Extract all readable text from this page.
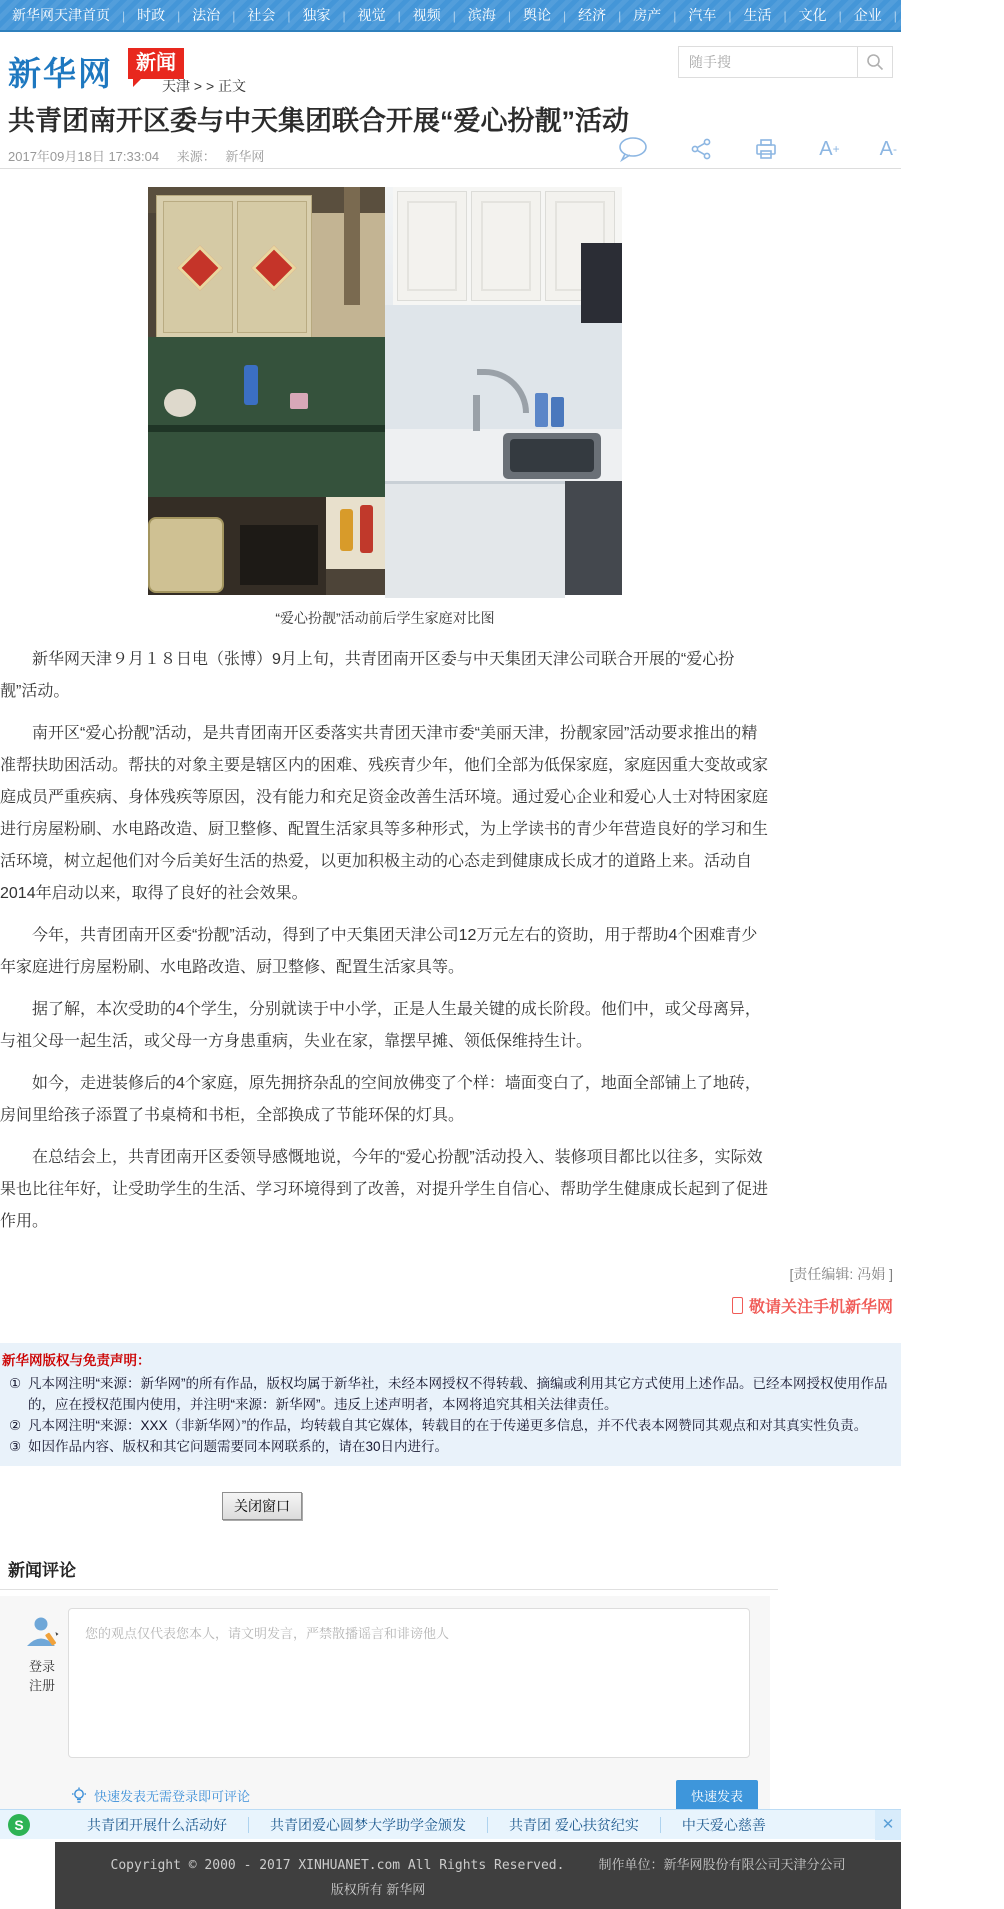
新华网天津首页 | 时政 | 法治 | 社会 | 独家 | 视觉 | 视频 | 滨海 | 舆论 | 经济 | 房产 | 汽车 | 生活 | 文化 | 企业 | 服务 | 健康
新华网	新闻
天津 > > 正文
随手搜
共青团南开区委与中天集团联合开展“爱心扮靓”活动
2017年09月18日 17:33:04 来源： 新华网	A + A -
“爱心扮靓”活动前后学生家庭对比图

新华网天津９月１８日电（张博）9月上旬，共青团南开区委与中天集团天津公司联合开展的“爱心扮靓”活动。

南开区“爱心扮靓”活动，是共青团南开区委落实共青团天津市委“美丽天津，扮靓家园”活动要求推出的精准帮扶助困活动。帮扶的对象主要是辖区内的困难、残疾青少年，他们全部为低保家庭，家庭因重大变故或家庭成员严重疾病、身体残疾等原因，没有能力和充足资金改善生活环境。通过爱心企业和爱心人士对特困家庭进行房屋粉刷、水电路改造、厨卫整修、配置生活家具等多种形式，为上学读书的青少年营造良好的学习和生活环境，树立起他们对今后美好生活的热爱，以更加积极主动的心态走到健康成长成才的道路上来。活动自2014年启动以来，取得了良好的社会效果。

今年，共青团南开区委“扮靓”活动，得到了中天集团天津公司12万元左右的资助，用于帮助4个困难青少年家庭进行房屋粉刷、水电路改造、厨卫整修、配置生活家具等。

据了解，本次受助的4个学生，分别就读于中小学，正是人生最关键的成长阶段。他们中，或父母离异，与祖父母一起生活，或父母一方身患重病，失业在家，靠摆早摊、领低保维持生计。

如今，走进装修后的4个家庭，原先拥挤杂乱的空间放佛变了个样：墙面变白了，地面全部铺上了地砖，房间里给孩子添置了书桌椅和书柜，全部换成了节能环保的灯具。

在总结会上，共青团南开区委领导感慨地说，今年的“爱心扮靓”活动投入、装修项目都比以往多，实际效果也比往年好，让受助学生的生活、学习环境得到了改善，对提升学生自信心、帮助学生健康成长起到了促进作用。

[责任编辑: 冯娟 ]
敬请关注手机新华网
新华网版权与免责声明：
① 凡本网注明“来源：新华网”的所有作品，版权均属于新华社，未经本网授权不得转载、摘编或利用其它方式使用上述作品。已经本网授权使用作品的，应在授权范围内使用，并注明“来源：新华网”。违反上述声明者，本网将追究其相关法律责任。
② 凡本网注明“来源：XXX（非新华网）”的作品，均转载自其它媒体，转载目的在于传递更多信息，并不代表本网赞同其观点和对其真实性负责。
③ 如因作品内容、版权和其它问题需要同本网联系的，请在30日内进行。
关闭窗口
新闻评论
登录
注册
您的观点仅代表您本人，请文明发言，严禁散播谣言和诽谤他人
快速发表无需登录即可评论	快速发表
Copyright © 2000 - 2017 XINHUANET.com All Rights Reserved.	制作单位：新华网股份有限公司天津分公司
版权所有 新华网
S	共青团开展什么活动好	共青团爱心圆梦大学助学金颁发	共青团 爱心扶贫纪实	中天爱心慈善	✕
